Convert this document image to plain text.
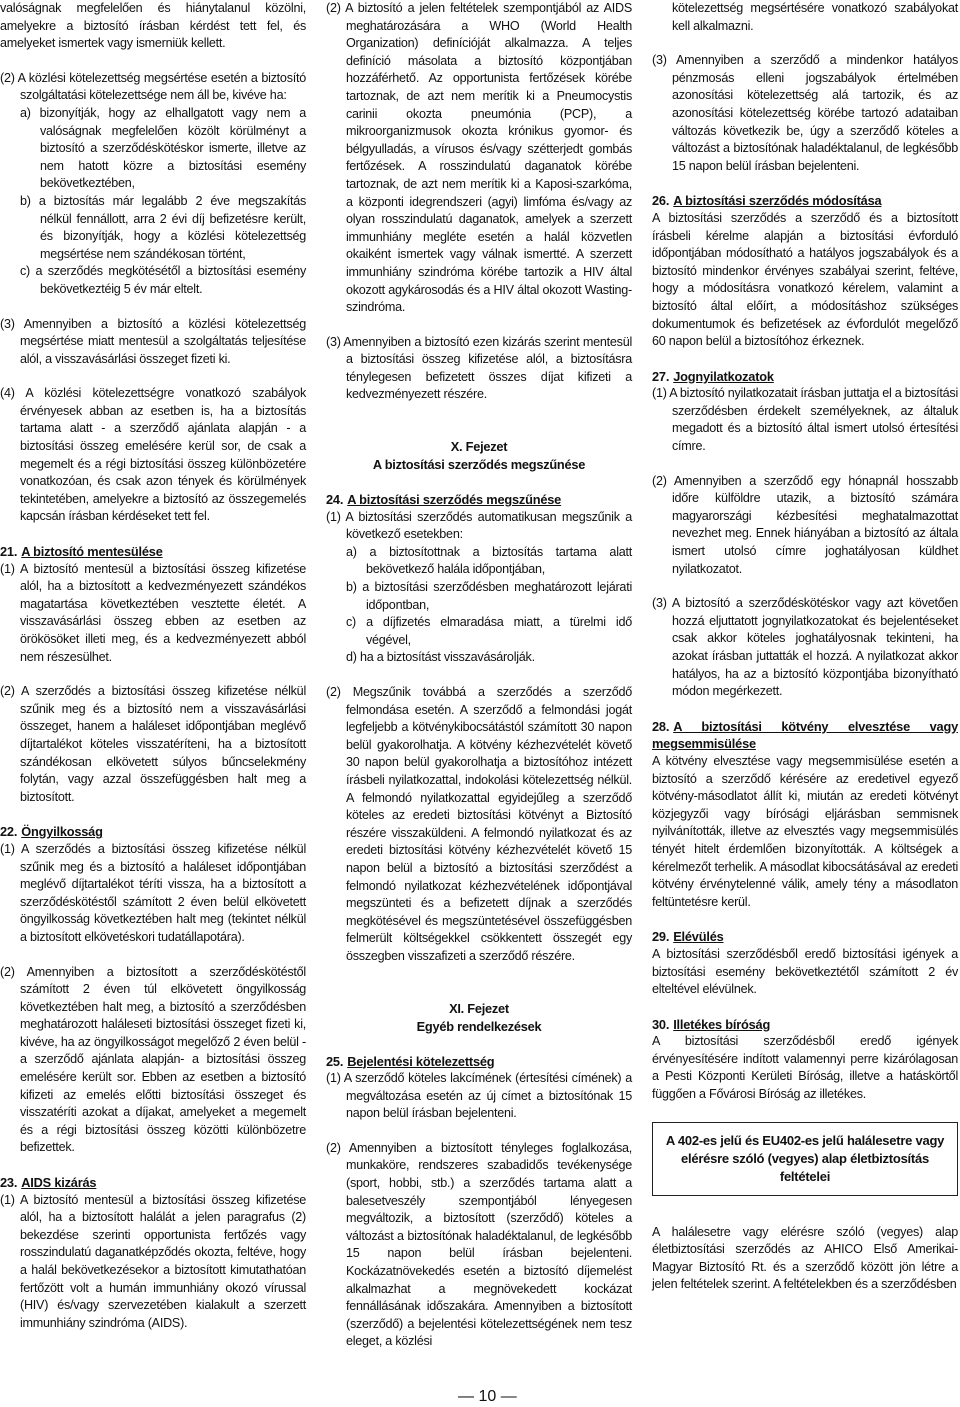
valóságnak megfelelően és hiánytalanul közölni, amelyekre a biztosító írásban kérdést tett fel, és amelyeket ismertek vagy ismerniük kellett.

(2) A közlési kötelezettség megsértése esetén a biztosító szolgáltatási kötelezettsége nem áll be, kivéve ha:

a) bizonyítják, hogy az elhallgatott vagy nem a valóságnak megfelelően közölt körülményt a biztosító a szerződéskötéskor ismerte, illetve az nem hatott közre a biztosítási esemény bekövetkeztében,
b) a biztosítás már legalább 2 éve megszakítás nélkül fennállott, arra 2 évi díj befizetésre került, és bizonyítják, hogy a közlési kötelezettség megsértése nem szándékosan történt,
c) a szerződés megkötésétől a biztosítási esemény bekövetkeztéig 5 év már eltelt.

(3) Amennyiben a biztosító a közlési kötelezettség megsértése miatt mentesül a szolgáltatás teljesítése alól, a visszavásárlási összeget fizeti ki.

(4) A közlési kötelezettségre vonatkozó szabályok érvényesek abban az esetben is, ha a biztosítás tartama alatt - a szerződő ajánlata alapján - a biztosítási összeg emelésére kerül sor, de csak a megemelt és a régi biztosítási összeg különbözetére vonatkozóan, és csak azon tények és körülmények tekintetében, amelyekre a biztosító az összegemelés kapcsán írásban kérdéseket tett fel.

21. A biztosító mentesülése

(1) A biztosító mentesül a biztosítási összeg kifizetése alól, ha a biztosított a kedvezményezett szándékos magatartása következtében vesztette életét. A visszavásárlási összeg ebben az esetben az örökösöket illeti meg, és a kedvezményezett abból nem részesülhet.

(2) A szerződés a biztosítási összeg kifizetése nélkül szűnik meg és a biztosító nem a visszavásárlási összeget, hanem a haláleset időpontjában meglévő díjtartalékot köteles visszatéríteni, ha a biztosított szándékosan elkövetett súlyos bűncselekmény folytán, vagy azzal összefüggésben halt meg a biztosított.

22. Öngyilkosság

(1) A szerződés a biztosítási összeg kifizetése nélkül szűnik meg és a biztosító a haláleset időpontjában meglévő díjtartalékot téríti vissza, ha a biztosított a szerződéskötéstől számított 2 éven belül elkövetett öngyilkosság következtében halt meg (tekintet nélkül a biztosított elkövetéskori tudatállapotára).

(2) Amennyiben a biztosított a szerződéskötéstől számított 2 éven túl elkövetett öngyilkosság következtében halt meg, a biztosító a szerződésben meghatározott haláleseti biztosítási összeget fizeti ki, kivéve, ha az öngyilkosságot megelőző 2 éven belül -a szerződő ajánlata alapján- a biztosítási összeg emelésére került sor. Ebben az esetben a biztosító kifizeti az emelés előtti biztosítási összeget és visszatéríti azokat a díjakat, amelyeket a megemelt és a régi biztosítási összeg közötti különbözetre befizettek.

23. AIDS kizárás

(1) A biztosító mentesül a biztosítási összeg kifizetése alól, ha a biztosított halálát a jelen paragrafus (2) bekezdése szerinti opportunista fertőzés vagy rosszindulatú daganatképződés okozta, feltéve, hogy a halál bekövetkezésekor a biztosított kimutathatóan fertőzött volt a humán immunhiány okozó vírussal (HIV) és/vagy szervezetében kialakult a szerzett immunhiány szindróma (AIDS).

(2) A biztosító a jelen feltételek szempontjából az AIDS meghatározására a WHO (World Health Organization) definícióját alkalmazza. A teljes definíció másolata a biztosító központjában hozzáférhető. Az opportunista fertőzések körébe tartoznak, de azt nem merítik ki a Pneumocystis carinii okozta pneumónia (PCP), a mikroorganizmusok okozta krónikus gyomor- és bélgyulladás, a vírusos és/vagy szétterjedt gombás fertőzések. A rosszindulatú daganatok körébe tartoznak, de azt nem merítik ki a Kaposi-szarkóma, a központi idegrendszeri (agyi) limfóma és/vagy az olyan rosszindulatú daganatok, amelyek a szerzett immunhiány megléte esetén a halál közvetlen okaiként ismertek vagy válnak ismertté. A szerzett immunhiány szindróma körébe tartozik a HIV által okozott agykárosodás és a HIV által okozott Wasting-szindróma.

(3) Amennyiben a biztosító ezen kizárás szerint mentesül a biztosítási összeg kifizetése alól, a biztosításra ténylegesen befizetett összes díjat kifizeti a kedvezményezett részére.

X. Fejezet
A biztosítási szerződés megszűnése
24. A biztosítási szerződés megszűnése

(1) A biztosítási szerződés automatikusan megszűnik a következő esetekben:

a) a biztosítottnak a biztosítás tartama alatt bekövetkező halála időpontjában,
b) a biztosítási szerződésben meghatározott lejárati időpontban,
c) a díjfizetés elmaradása miatt, a türelmi idő végével,
d) ha a biztosítást visszavásárolják.

(2) Megszűnik továbbá a szerződés a szerződő felmondása esetén. A szerződő a felmondási jogát legfeljebb a kötvénykibocsátástól számított 30 napon belül gyakorolhatja. A kötvény kézhezvételét követő 30 napon belül gyakorolhatja a biztosítóhoz intézett írásbeli nyilatkozattal, indokolási kötelezettség nélkül. A felmondó nyilatkozattal egyidejűleg a szerződő köteles az eredeti biztosítási kötvényt a Biztosító részére visszaküldeni. A felmondó nyilatkozat és az eredeti biztosítási kötvény kézhezvételét követő 15 napon belül a biztosító a biztosítási szerződést a felmondó nyilatkozat kézhezvételének időpontjával megszünteti és a befizetett díjnak a szerződés megkötésével és megszüntetésével összefüggésben felmerült költségekkel csökkentett összegét egy összegben visszafizeti a szerződő részére.

XI. Fejezet
Egyéb rendelkezések
25. Bejelentési kötelezettség

(1) A szerződő köteles lakcímének (értesítési címének) a megváltozása esetén az új címet a biztosítónak 15 napon belül írásban bejelenteni.

(2) Amennyiben a biztosított tényleges foglalkozása, munkaköre, rendszeres szabadidős tevékenysége (sport, hobbi, stb.) a szerződés tartama alatt a balesetveszély szempontjából lényegesen megváltozik, a biztosított (szerződő) köteles a változást a biztosítónak haladéktalanul, de legkésőbb 15 napon belül írásban bejelenteni. Kockázatnövekedés esetén a biztosító díjemelést alkalmazhat a megnövekedett kockázat fennállásának időszakára. Amennyiben a biztosított (szerződő) a bejelentési kötelezettségének nem tesz eleget, a közlési

kötelezettség megsértésére vonatkozó szabályokat kell alkalmazni.

(3) Amennyiben a szerződő a mindenkor hatályos pénzmosás elleni jogszabályok értelmében azonosítási kötelezettség alá tartozik, és az azonosítási kötelezettség körébe tartozó adataiban változás következik be, úgy a szerződő köteles a változást a biztosítónak haladéktalanul, de legkésőbb 15 napon belül írásban bejelenteni.

26. A biztosítási szerződés módosítása

A biztosítási szerződés a szerződő és a biztosított írásbeli kérelme alapján a biztosítási évforduló időpontjában módosítható a hatályos jogszabályok és a biztosító mindenkor érvényes szabályai szerint, feltéve, hogy a módosításra vonatkozó kérelem, valamint a biztosító által előírt, a módosításhoz szükséges dokumentumok és befizetések az évfordulót megelőző 60 napon belül a biztosítóhoz érkeznek.

27. Jognyilatkozatok

(1) A biztosító nyilatkozatait írásban juttatja el a biztosítási szerződésben érdekelt személyeknek, az általuk megadott és a biztosító által ismert utolsó értesítési címre.

(2) Amennyiben a szerződő egy hónapnál hosszabb időre külföldre utazik, a biztosító számára magyarországi kézbesítési meghatalmazottat nevezhet meg. Ennek hiányában a biztosító az általa ismert utolsó címre joghatályosan küldhet nyilatkozatot.

(3) A biztosító a szerződéskötéskor vagy azt követően hozzá eljuttatott jognyilatkozatokat és bejelentéseket csak akkor köteles joghatályosnak tekinteni, ha azokat írásban juttatták el hozzá. A nyilatkozat akkor hatályos, ha az a biztosító központjába bizonyítható módon megérkezett.

28. A biztosítási kötvény elvesztése vagy megsemmisülése

A kötvény elvesztése vagy megsemmisülése esetén a biztosító a szerződő kérésére az eredetivel egyező kötvény-másodlatot állít ki, miután az eredeti kötvényt közjegyzői vagy bírósági eljárásban semmisnek nyilvánították, illetve az elvesztés vagy megsemmisülés tényét hitelt érdemlően bizonyították. A költségek a kérelmezőt terhelik. A másodlat kibocsátásával az eredeti kötvény érvénytelenné válik, amely tény a másodlaton feltüntetésre kerül.

29. Elévülés

A biztosítási szerződésből eredő biztosítási igények a biztosítási esemény bekövetkeztétől számított 2 év elteltével elévülnek.

30. Illetékes bíróság

A biztosítási szerződésből eredő igények érvényesítésére indított valamennyi perre kizárólagosan a Pesti Központi Kerületi Bíróság, illetve a hatáskörtől függően a Fővárosi Bíróság az illetékes.

A 402-es jelű és EU402-es jelű halálesetre vagy elérésre szóló (vegyes) alap életbiztosítás feltételei

A halálesetre vagy elérésre szóló (vegyes) alap életbiztosítási szerződés az AHICO Első Amerikai-Magyar Biztosító Rt. és a szerződő között jön létre a jelen feltételek szerint. A feltételekben és a szerződésben

— 10 —
